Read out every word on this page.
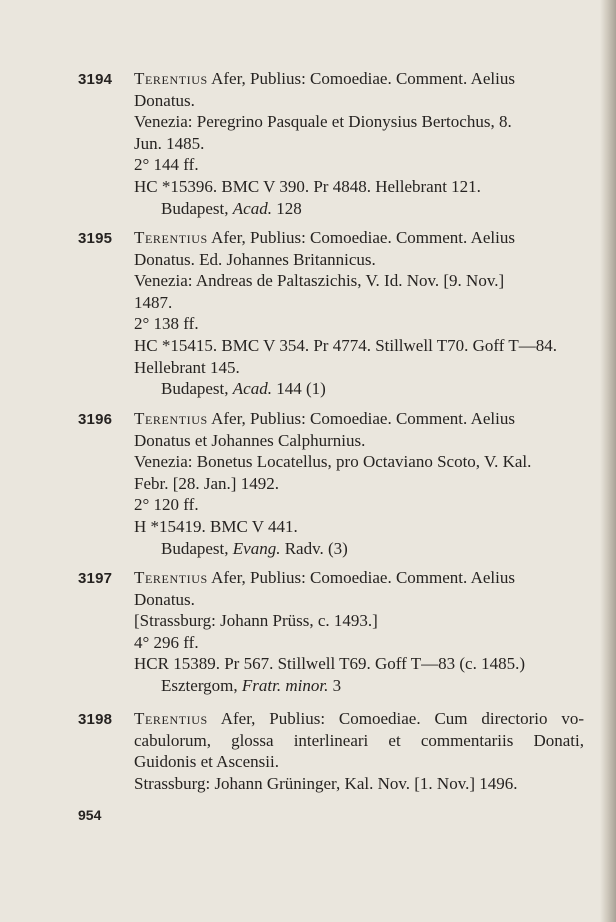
3194 Terentius Afer, Publius: Comoediae. Comment. Aelius
Donatus.
Venezia: Peregrino Pasquale et Dionysius Bertochus, 8.
Jun. 1485.
2° 144 ff.
HC *15396. BMC V 390. Pr 4848. Hellebrant 121.
Budapest, Acad. 128
3195 Terentius Afer, Publius: Comoediae. Comment. Aelius
Donatus. Ed. Johannes Britannicus.
Venezia: Andreas de Paltaszichis, V. Id. Nov. [9. Nov.]
1487.
2° 138 ff.
HC *15415. BMC V 354. Pr 4774. Stillwell T70. Goff T—84.
Hellebrant 145.
Budapest, Acad. 144 (1)
3196 Terentius Afer, Publius: Comoediae. Comment. Aelius
Donatus et Johannes Calphurnius.
Venezia: Bonetus Locatellus, pro Octaviano Scoto, V. Kal.
Febr. [28. Jan.] 1492.
2° 120 ff.
H *15419. BMC V 441.
Budapest, Evang. Radv. (3)
3197 Terentius Afer, Publius: Comoediae. Comment. Aelius
Donatus.
[Strassburg: Johann Prüss, c. 1493.]
4° 296 ff.
HCR 15389. Pr 567. Stillwell T69. Goff T—83 (c. 1485.)
Esztergom, Fratr. minor. 3
3198 Terentius Afer, Publius: Comoediae. Cum directorio vo-
cabulorum, glossa interlineari et commentariis Donati,
Guidonis et Ascensii.
Strassburg: Johann Grüninger, Kal. Nov. [1. Nov.] 1496.
954
